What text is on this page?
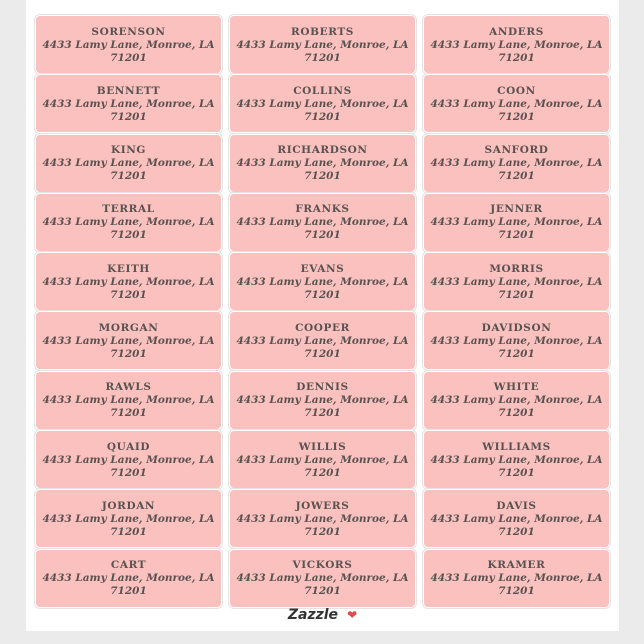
SORENSON
4433 Lamy Lane, Monroe, LA
71201
ROBERTS
4433 Lamy Lane, Monroe, LA
71201
ANDERS
4433 Lamy Lane, Monroe, LA
71201
BENNETT
4433 Lamy Lane, Monroe, LA
71201
COLLINS
4433 Lamy Lane, Monroe, LA
71201
COON
4433 Lamy Lane, Monroe, LA
71201
KING
4433 Lamy Lane, Monroe, LA
71201
RICHARDSON
4433 Lamy Lane, Monroe, LA
71201
SANFORD
4433 Lamy Lane, Monroe, LA
71201
TERRAL
4433 Lamy Lane, Monroe, LA
71201
FRANKS
4433 Lamy Lane, Monroe, LA
71201
JENNER
4433 Lamy Lane, Monroe, LA
71201
KEITH
4433 Lamy Lane, Monroe, LA
71201
EVANS
4433 Lamy Lane, Monroe, LA
71201
MORRIS
4433 Lamy Lane, Monroe, LA
71201
MORGAN
4433 Lamy Lane, Monroe, LA
71201
COOPER
4433 Lamy Lane, Monroe, LA
71201
DAVIDSON
4433 Lamy Lane, Monroe, LA
71201
RAWLS
4433 Lamy Lane, Monroe, LA
71201
DENNIS
4433 Lamy Lane, Monroe, LA
71201
WHITE
4433 Lamy Lane, Monroe, LA
71201
QUAID
4433 Lamy Lane, Monroe, LA
71201
WILLIS
4433 Lamy Lane, Monroe, LA
71201
WILLIAMS
4433 Lamy Lane, Monroe, LA
71201
JORDAN
4433 Lamy Lane, Monroe, LA
71201
JOWERS
4433 Lamy Lane, Monroe, LA
71201
DAVIS
4433 Lamy Lane, Monroe, LA
71201
CART
4433 Lamy Lane, Monroe, LA
71201
VICKORS
4433 Lamy Lane, Monroe, LA
71201
KRAMER
4433 Lamy Lane, Monroe, LA
71201
Zazzle ❤
